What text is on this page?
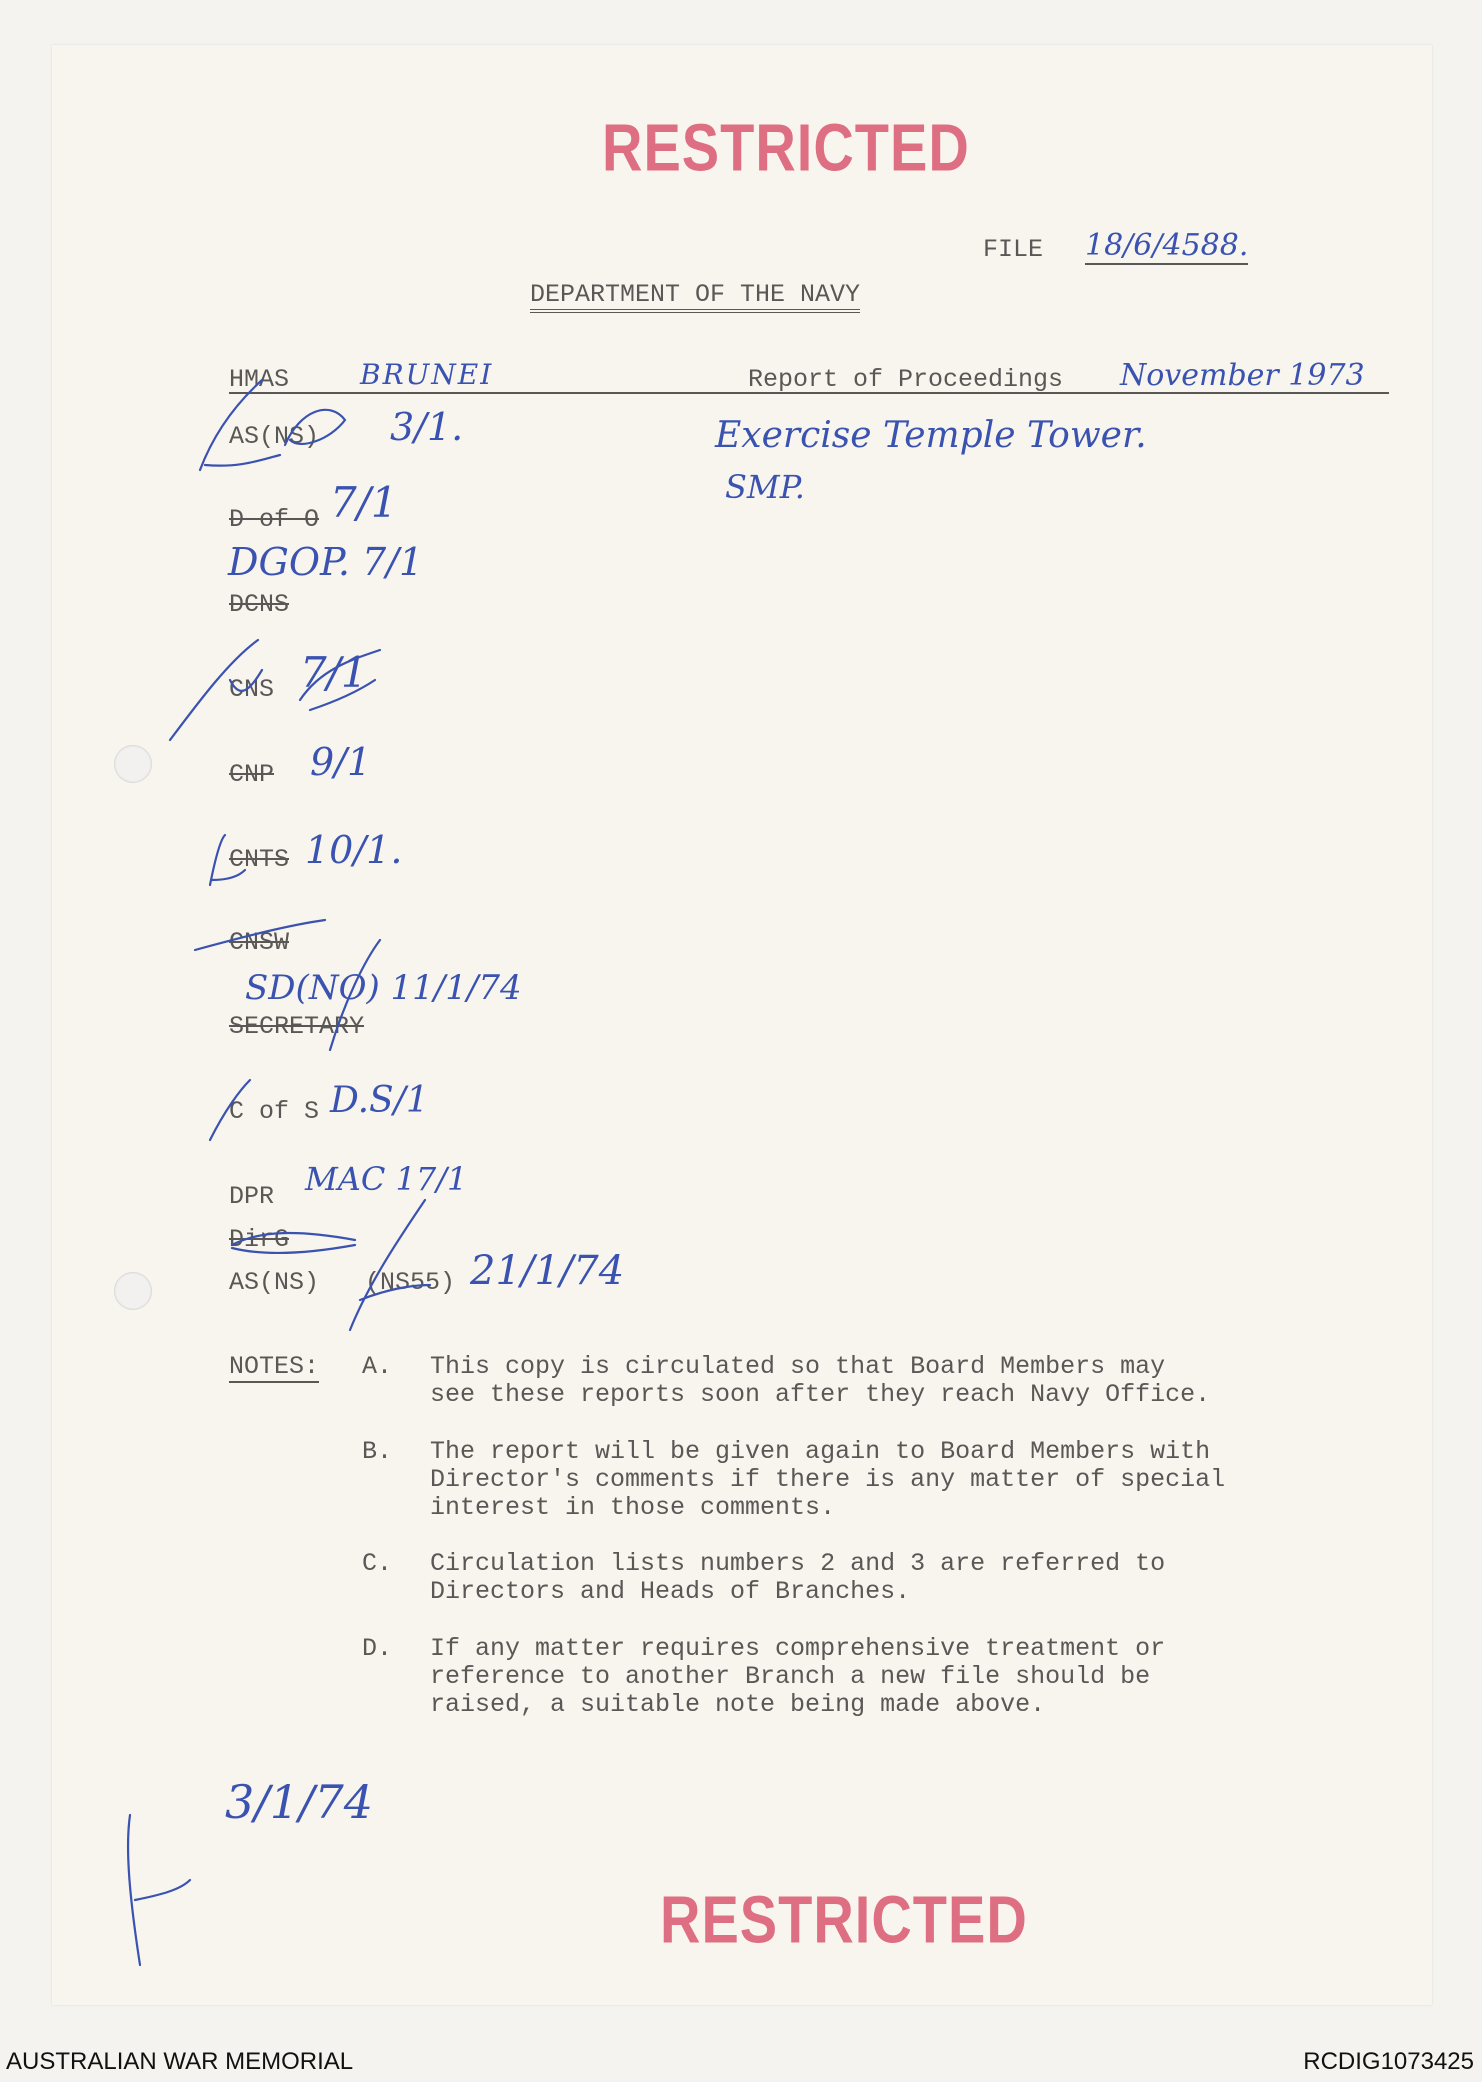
RESTRICTED
FILE 18/6/4588.
DEPARTMENT OF THE NAVY
HMAS	BRUNEI	Report of Proceedings November 1973
Exercise Temple Tower.
SMP.
AS(NS) 3/1.
D of O 7/1
DCNS
DGOP. 7/1
CNS 7/1
CNP 9/1
CNTS 10/1.
CNSW
SECRETARY
SD(NO) 11/1/74
C of S D.S/1
DPR MAC 17/1
DirG
AS(NS) (NS55) 21/1/74
NOTES: A. This copy is circulated so that Board Members may
see these reports soon after they reach Navy Office.
B. The report will be given again to Board Members with
Director's comments if there is any matter of special
interest in those comments.
C. Circulation lists numbers 2 and 3 are referred to
Directors and Heads of Branches.
D. If any matter requires comprehensive treatment or
reference to another Branch a new file should be
raised, a suitable note being made above.
3/1/74
RESTRICTED
AUSTRALIAN WAR MEMORIAL	RCDIG1073425
